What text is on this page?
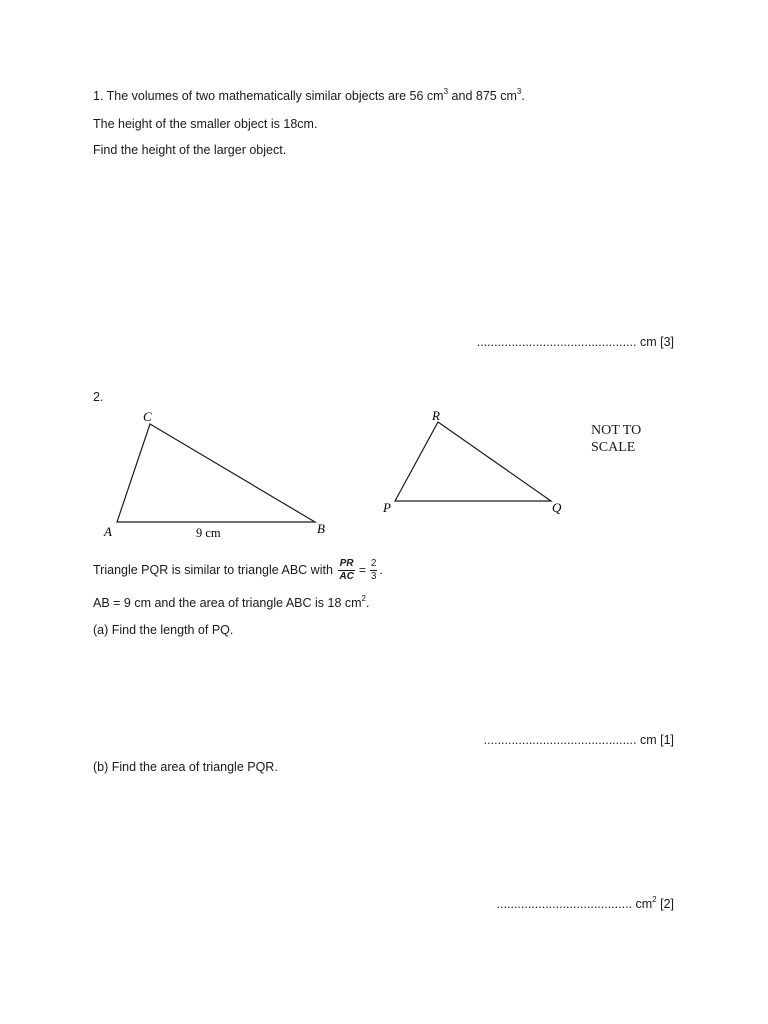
1. The volumes of two mathematically similar objects are 56 $cm^3$ and 875 $cm^3$.
The height of the smaller object is 18cm.
Find the height of the larger object.
.............................................. cm [3]
2.
A	B
C
9 cm
P	Q
R
NOT TO
SCALE
Triangle PQR is similar to triangle ABC with $\frac{PR}{AC} = \frac{2}{3}$ .
AB = 9 cm and the area of triangle ABC is 18 $cm^2$.
(a) Find the length of PQ.
............................................ cm [1]
(b) Find the area of triangle PQR.
....................................... $cm^2$ [2]
